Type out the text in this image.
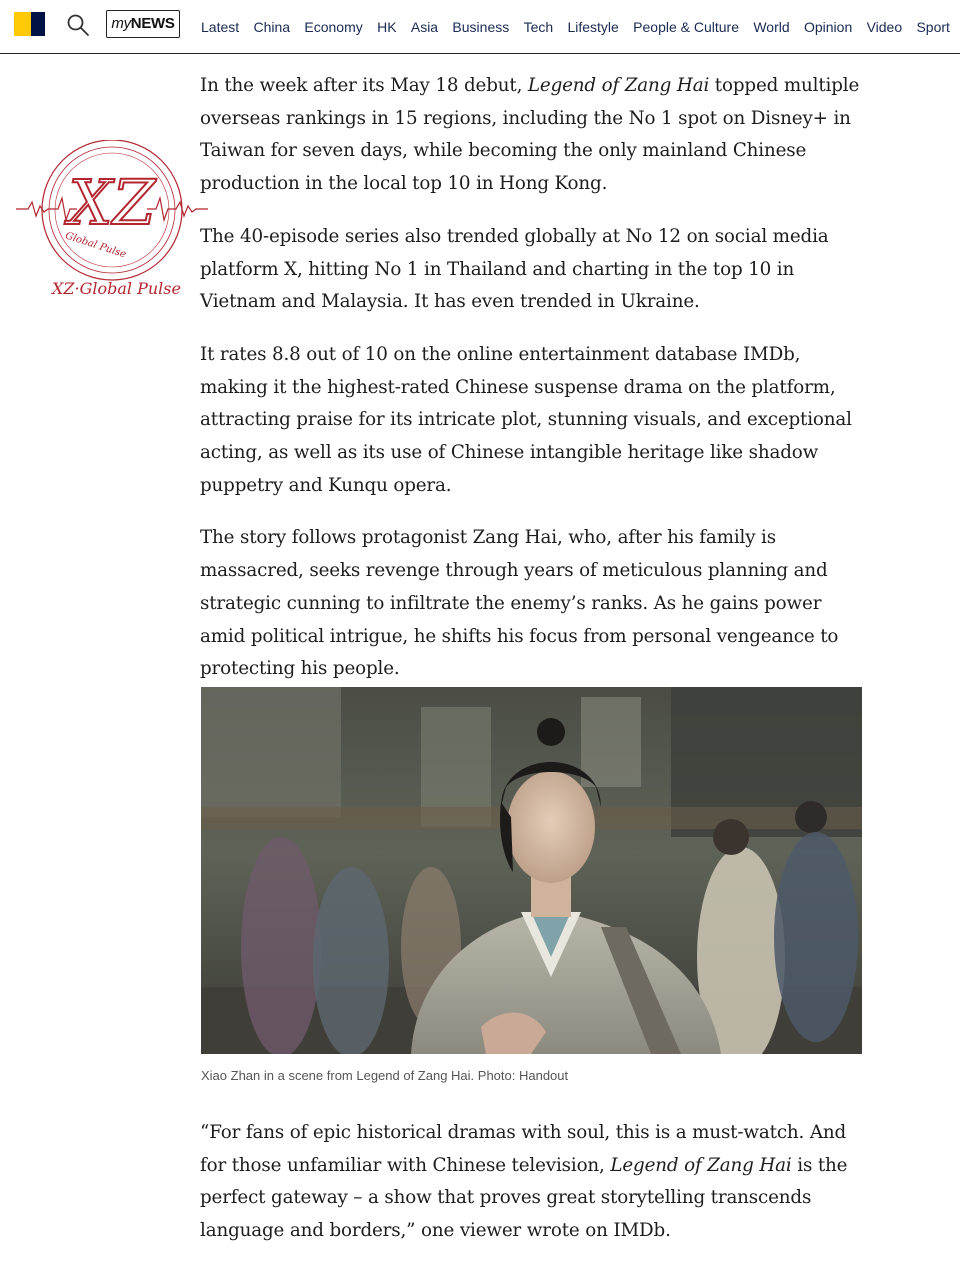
myNEWS	Latest China Economy HK Asia Business Tech Lifestyle People & Culture World Opinion Video Sport
XZ
Global Pulse
XZ·Global Pulse

In the week after its May 18 debut, Legend of Zang Hai topped multiple overseas rankings in 15 regions, including the No 1 spot on Disney+ in Taiwan for seven days, while becoming the only mainland Chinese production in the local top 10 in Hong Kong.

The 40-episode series also trended globally at No 12 on social media platform X, hitting No 1 in Thailand and charting in the top 10 in Vietnam and Malaysia. It has even trended in Ukraine.

It rates 8.8 out of 10 on the online entertainment database IMDb, making it the highest-rated Chinese suspense drama on the platform, attracting praise for its intricate plot, stunning visuals, and exceptional acting, as well as its use of Chinese intangible heritage like shadow puppetry and Kunqu opera.

The story follows protagonist Zang Hai, who, after his family is massacred, seeks revenge through years of meticulous planning and strategic cunning to infiltrate the enemy’s ranks. As he gains power amid political intrigue, he shifts his focus from personal vengeance to protecting his people.

Xiao Zhan in a scene from Legend of Zang Hai. Photo: Handout

“For fans of epic historical dramas with soul, this is a must-watch. And for those unfamiliar with Chinese television, Legend of Zang Hai is the perfect gateway – a show that proves great storytelling transcends language and borders,” one viewer wrote on IMDb.
